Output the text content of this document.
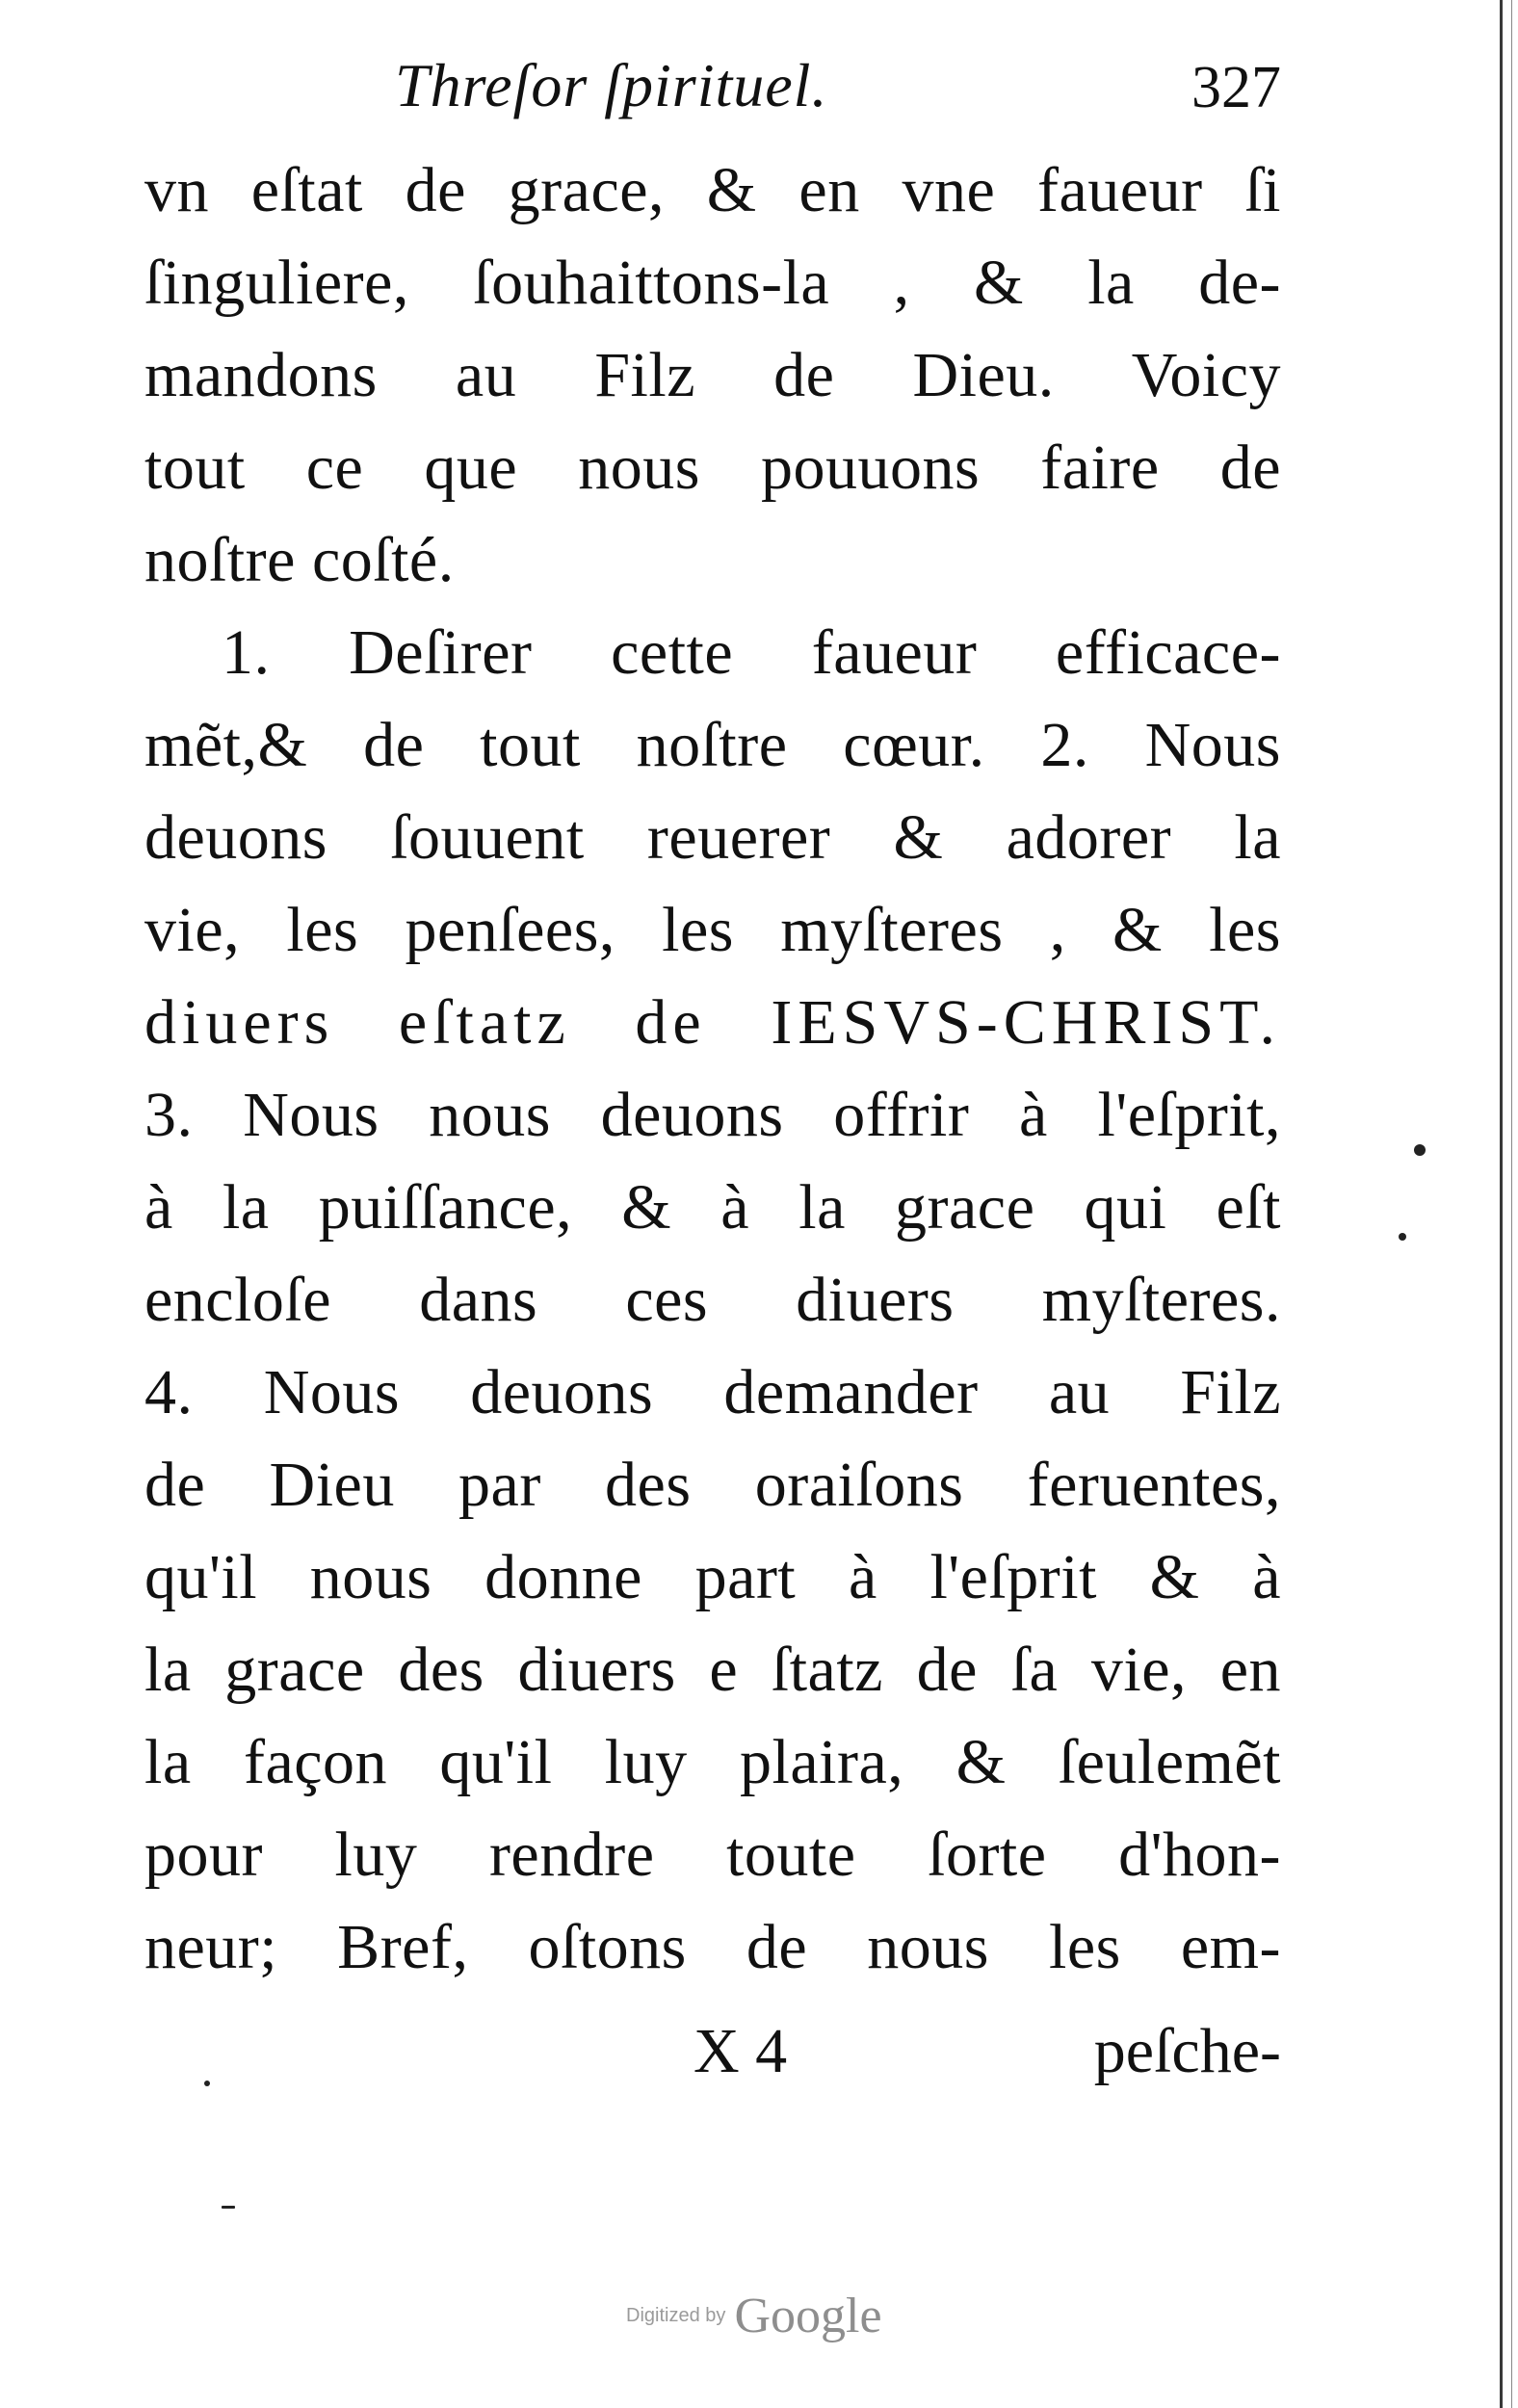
Threſor ſpirituel.	327
vn eſtat de grace, & en vne faueur ſi
ſinguliere, ſouhaittons-la , & la de-
mandons au Filz de Dieu. Voicy
tout ce que nous pouuons faire de
noſtre coſté.
1. Deſirer cette faueur efficace-
mẽt,& de tout noſtre cœur. 2. Nous
deuons ſouuent reuerer & adorer la
vie, les penſees, les myſteres , & les
diuers eſtatz de IESVS-CHRIST.
3. Nous nous deuons offrir à l'eſprit,
à la puiſſance, & à la grace qui eſt
encloſe dans ces diuers myſteres.
4. Nous deuons demander au Filz
de Dieu par des oraiſons feruentes,
qu'il nous donne part à l'eſprit & à
la grace des diuers e ſtatz de ſa vie, en
la façon qu'il luy plaira, & ſeulemẽt
pour luy rendre toute ſorte d'hon-
neur; Bref, oſtons de nous les em-
X 4	peſche-
Digitized by Google
